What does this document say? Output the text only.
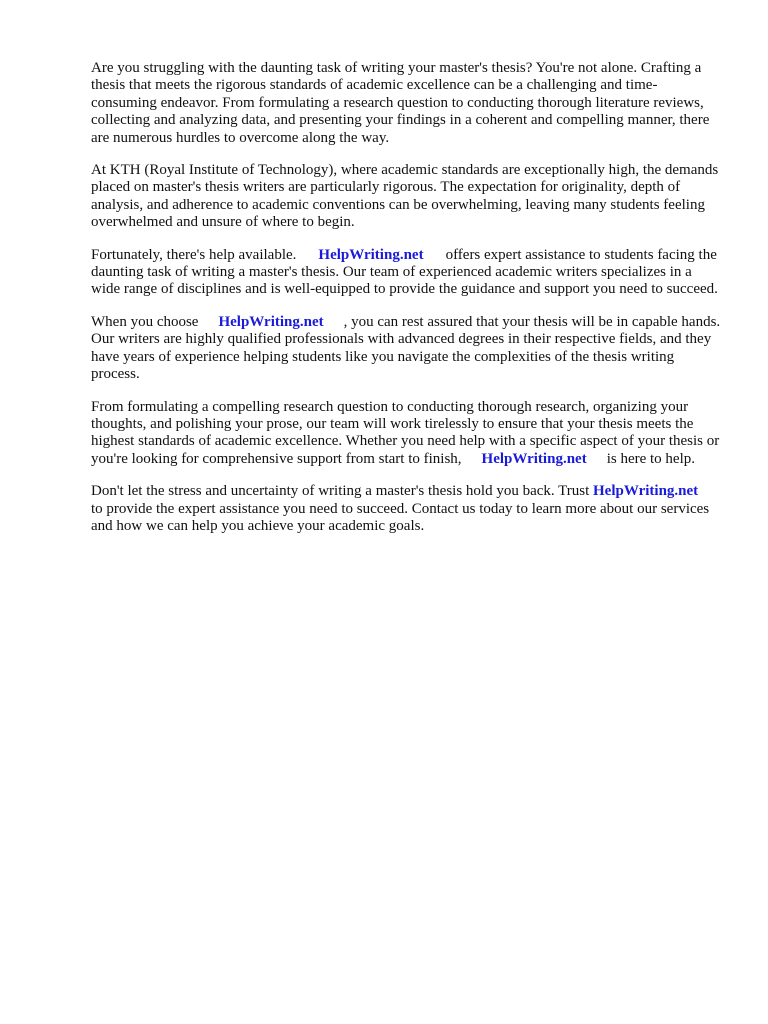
Are you struggling with the daunting task of writing your master's thesis? You're not alone. Crafting a thesis that meets the rigorous standards of academic excellence can be a challenging and time-consuming endeavor. From formulating a research question to conducting thorough literature reviews, collecting and analyzing data, and presenting your findings in a coherent and compelling manner, there are numerous hurdles to overcome along the way.

At KTH (Royal Institute of Technology), where academic standards are exceptionally high, the demands placed on master's thesis writers are particularly rigorous. The expectation for originality, depth of analysis, and adherence to academic conventions can be overwhelming, leaving many students feeling overwhelmed and unsure of where to begin.

Fortunately, there's help available. HelpWriting.net offers expert assistance to students facing the daunting task of writing a master's thesis. Our team of experienced academic writers specializes in a wide range of disciplines and is well-equipped to provide the guidance and support you need to succeed.

When you choose HelpWriting.net , you can rest assured that your thesis will be in capable hands. Our writers are highly qualified professionals with advanced degrees in their respective fields, and they have years of experience helping students like you navigate the complexities of the thesis writing process.

From formulating a compelling research question to conducting thorough research, organizing your thoughts, and polishing your prose, our team will work tirelessly to ensure that your thesis meets the highest standards of academic excellence. Whether you need help with a specific aspect of your thesis or you're looking for comprehensive support from start to finish, HelpWriting.net is here to help.

Don't let the stress and uncertainty of writing a master's thesis hold you back. Trust HelpWriting.netto provide the expert assistance you need to succeed. Contact us today to learn more about our services and how we can help you achieve your academic goals.
